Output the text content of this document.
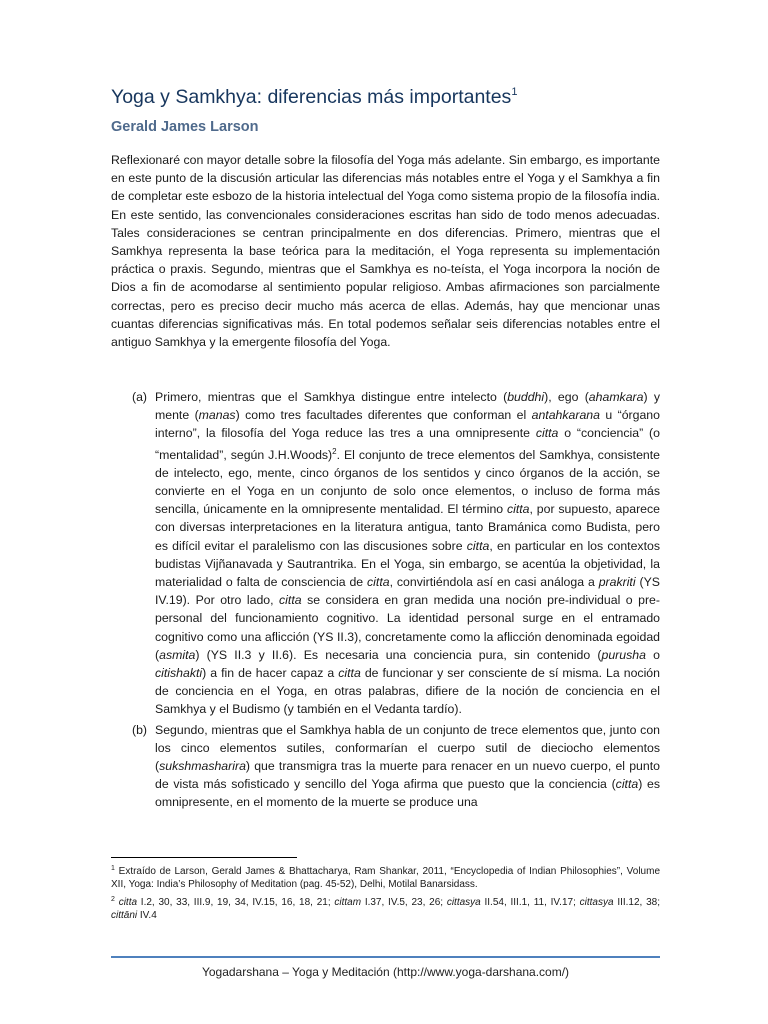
Yoga y Samkhya: diferencias más importantes$^1$
Gerald James Larson

Reflexionaré con mayor detalle sobre la filosofía del Yoga más adelante. Sin embargo, es importante en este punto de la discusión articular las diferencias más notables entre el Yoga y el Samkhya a fin de completar este esbozo de la historia intelectual del Yoga como sistema propio de la filosofía india. En este sentido, las convencionales consideraciones escritas han sido de todo menos adecuadas. Tales consideraciones se centran principalmente en dos diferencias. Primero, mientras que el Samkhya representa la base teórica para la meditación, el Yoga representa su implementación práctica o praxis. Segundo, mientras que el Samkhya es no-teísta, el Yoga incorpora la noción de Dios a fin de acomodarse al sentimiento popular religioso. Ambas afirmaciones son parcialmente correctas, pero es preciso decir mucho más acerca de ellas. Además, hay que mencionar unas cuantas diferencias significativas más. En total podemos señalar seis diferencias notables entre el antiguo Samkhya y la emergente filosofía del Yoga.

(a) Primero, mientras que el Samkhya distingue entre intelecto (buddhi), ego (ahamkara) y mente (manas) como tres facultades diferentes que conforman el antahkarana u “órgano interno”, la filosofía del Yoga reduce las tres a una omnipresente citta o “conciencia” (o “mentalidad”, según J.H.Woods)$^2$. El conjunto de trece elementos del Samkhya, consistente de intelecto, ego, mente, cinco órganos de los sentidos y cinco órganos de la acción, se convierte en el Yoga en un conjunto de solo once elementos, o incluso de forma más sencilla, únicamente en la omnipresente mentalidad. El término citta, por supuesto, aparece con diversas interpretaciones en la literatura antigua, tanto Bramánica como Budista, pero es difícil evitar el paralelismo con las discusiones sobre citta, en particular en los contextos budistas Vijñanavada y Sautrantrika. En el Yoga, sin embargo, se acentúa la objetividad, la materialidad o falta de consciencia de citta, convirtiéndola así en casi análoga a prakriti (YS IV.19). Por otro lado, citta se considera en gran medida una noción pre-individual o pre-personal del funcionamiento cognitivo. La identidad personal surge en el entramado cognitivo como una aflicción (YS II.3), concretamente como la aflicción denominada egoidad (asmita) (YS II.3 y II.6). Es necesaria una conciencia pura, sin contenido (purusha o citishakti) a fin de hacer capaz a citta de funcionar y ser consciente de sí misma. La noción de conciencia en el Yoga, en otras palabras, difiere de la noción de conciencia en el Samkhya y el Budismo (y también en el Vedanta tardío).

(b) Segundo, mientras que el Samkhya habla de un conjunto de trece elementos que, junto con los cinco elementos sutiles, conformarían el cuerpo sutil de dieciocho elementos (sukshmasharira) que transmigra tras la muerte para renacer en un nuevo cuerpo, el punto de vista más sofisticado y sencillo del Yoga afirma que puesto que la conciencia (citta) es omnipresente, en el momento de la muerte se produce una

$^1$ Extraído de Larson, Gerald James & Bhattacharya, Ram Shankar, 2011, “Encyclopedia of Indian Philosophies”, Volume XII, Yoga: India’s Philosophy of Meditation (pag. 45-52), Delhi, Motilal Banarsidass.

$^2$ citta I.2, 30, 33, III.9, 19, 34, IV.15, 16, 18, 21; cittam I.37, IV.5, 23, 26; cittasya II.54, III.1, 11, IV.17; cittasya III.12, 38; cittāni IV.4

Yogadarshana – Yoga y Meditación (http://www.yoga-darshana.com/)
